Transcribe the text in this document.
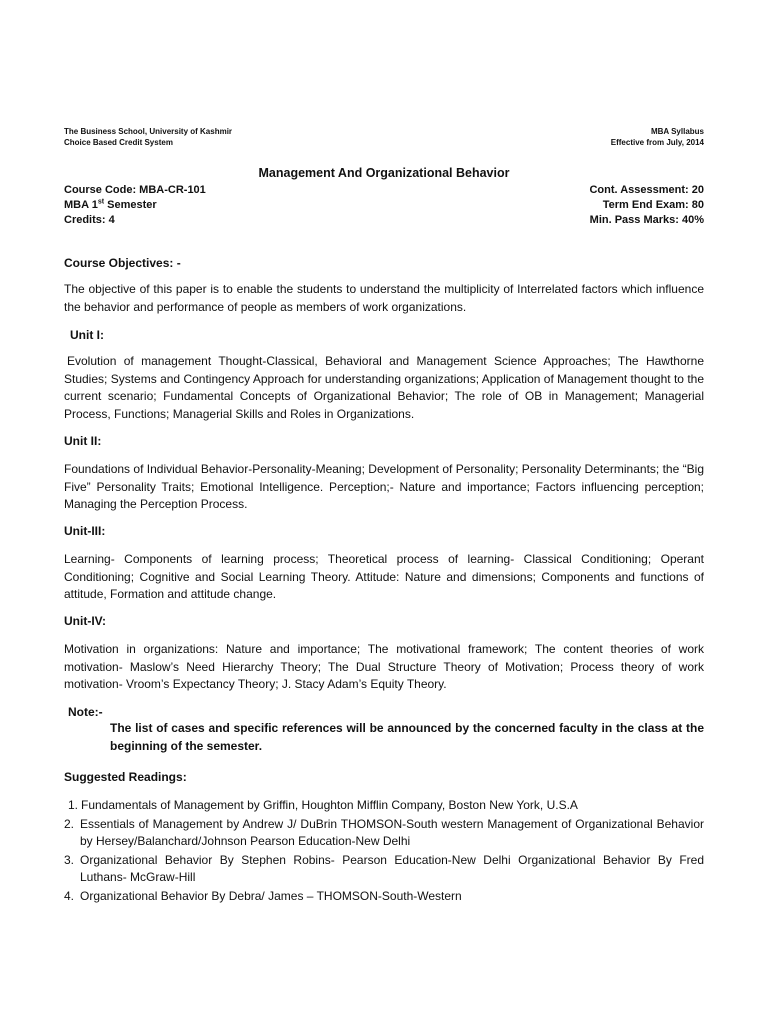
The Business School, University of Kashmir
Choice Based Credit System
MBA Syllabus
Effective from July, 2014
Management And Organizational Behavior
Course Code: MBA-CR-101
MBA 1st Semester
Credits: 4
Cont. Assessment: 20
Term End Exam: 80
Min. Pass Marks: 40%
Course Objectives: -
The objective of this paper is to enable the students to understand the multiplicity of Interrelated factors which influence the behavior and performance of people as members of work organizations.
Unit I:
Evolution of management Thought-Classical, Behavioral and Management Science Approaches; The Hawthorne Studies; Systems and Contingency Approach for understanding organizations; Application of Management thought to the current scenario; Fundamental Concepts of Organizational Behavior; The role of OB in Management; Managerial Process, Functions; Managerial Skills and Roles in Organizations.
Unit II:
Foundations of Individual Behavior-Personality-Meaning; Development of Personality; Personality Determinants; the “Big Five” Personality Traits; Emotional Intelligence. Perception;- Nature and importance; Factors influencing perception; Managing the Perception Process.
Unit-III:
Learning- Components of learning process; Theoretical process of learning- Classical Conditioning; Operant Conditioning; Cognitive and Social Learning Theory. Attitude: Nature and dimensions; Components and functions of attitude, Formation and attitude change.
Unit-IV:
Motivation in organizations: Nature and importance; The motivational framework; The content theories of work motivation- Maslow’s Need Hierarchy Theory; The Dual Structure Theory of Motivation; Process theory of work motivation- Vroom’s Expectancy Theory; J. Stacy Adam’s Equity Theory.
Note:-
The list of cases and specific references will be announced by the concerned faculty in the class at the beginning of the semester.
Suggested Readings:
1. Fundamentals of Management by Griffin, Houghton Mifflin Company, Boston New York, U.S.A
2. Essentials of Management by Andrew J/ DuBrin THOMSON-South western Management of Organizational Behavior by Hersey/Balanchard/Johnson Pearson Education-New Delhi
3. Organizational Behavior By Stephen Robins- Pearson Education-New Delhi Organizational Behavior By Fred Luthans- McGraw-Hill
4. Organizational Behavior By Debra/ James – THOMSON-South-Western
